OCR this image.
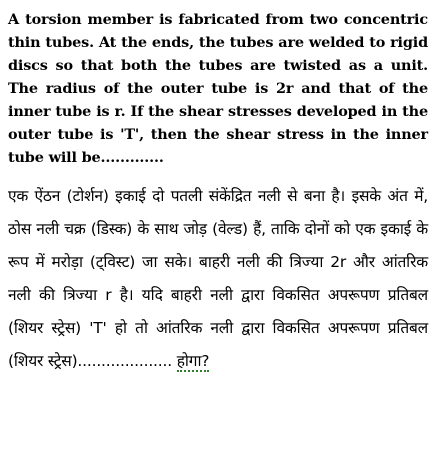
A torsion member is fabricated from two concentric thin tubes. At the ends, the tubes are welded to rigid discs so that both the tubes are twisted as a unit. The radius of the outer tube is 2r and that of the inner tube is r. If the shear stresses developed in the outer tube is 'T', then the shear stress in the inner tube will be.............
एक ऐंठन (टोर्शन) इकाई दो पतली संकेंद्रित नली से बना है। इसके अंत में, ठोस नली चक्र (डिस्क) के साथ जोड़ (वेल्ड) हैं, ताकि दोनों को एक इकाई के रूप में मरोड़ा (ट्विस्ट) जा सके। बाहरी नली की त्रिज्या 2r और आंतरिक नली की त्रिज्या r है। यदि बाहरी नली द्वारा विकसित अपरूपण प्रतिबल (शियर स्ट्रेस) 'T' हो तो आंतरिक नली द्वारा विकसित अपरूपण प्रतिबल (शियर स्ट्रेस).................... होगा?
